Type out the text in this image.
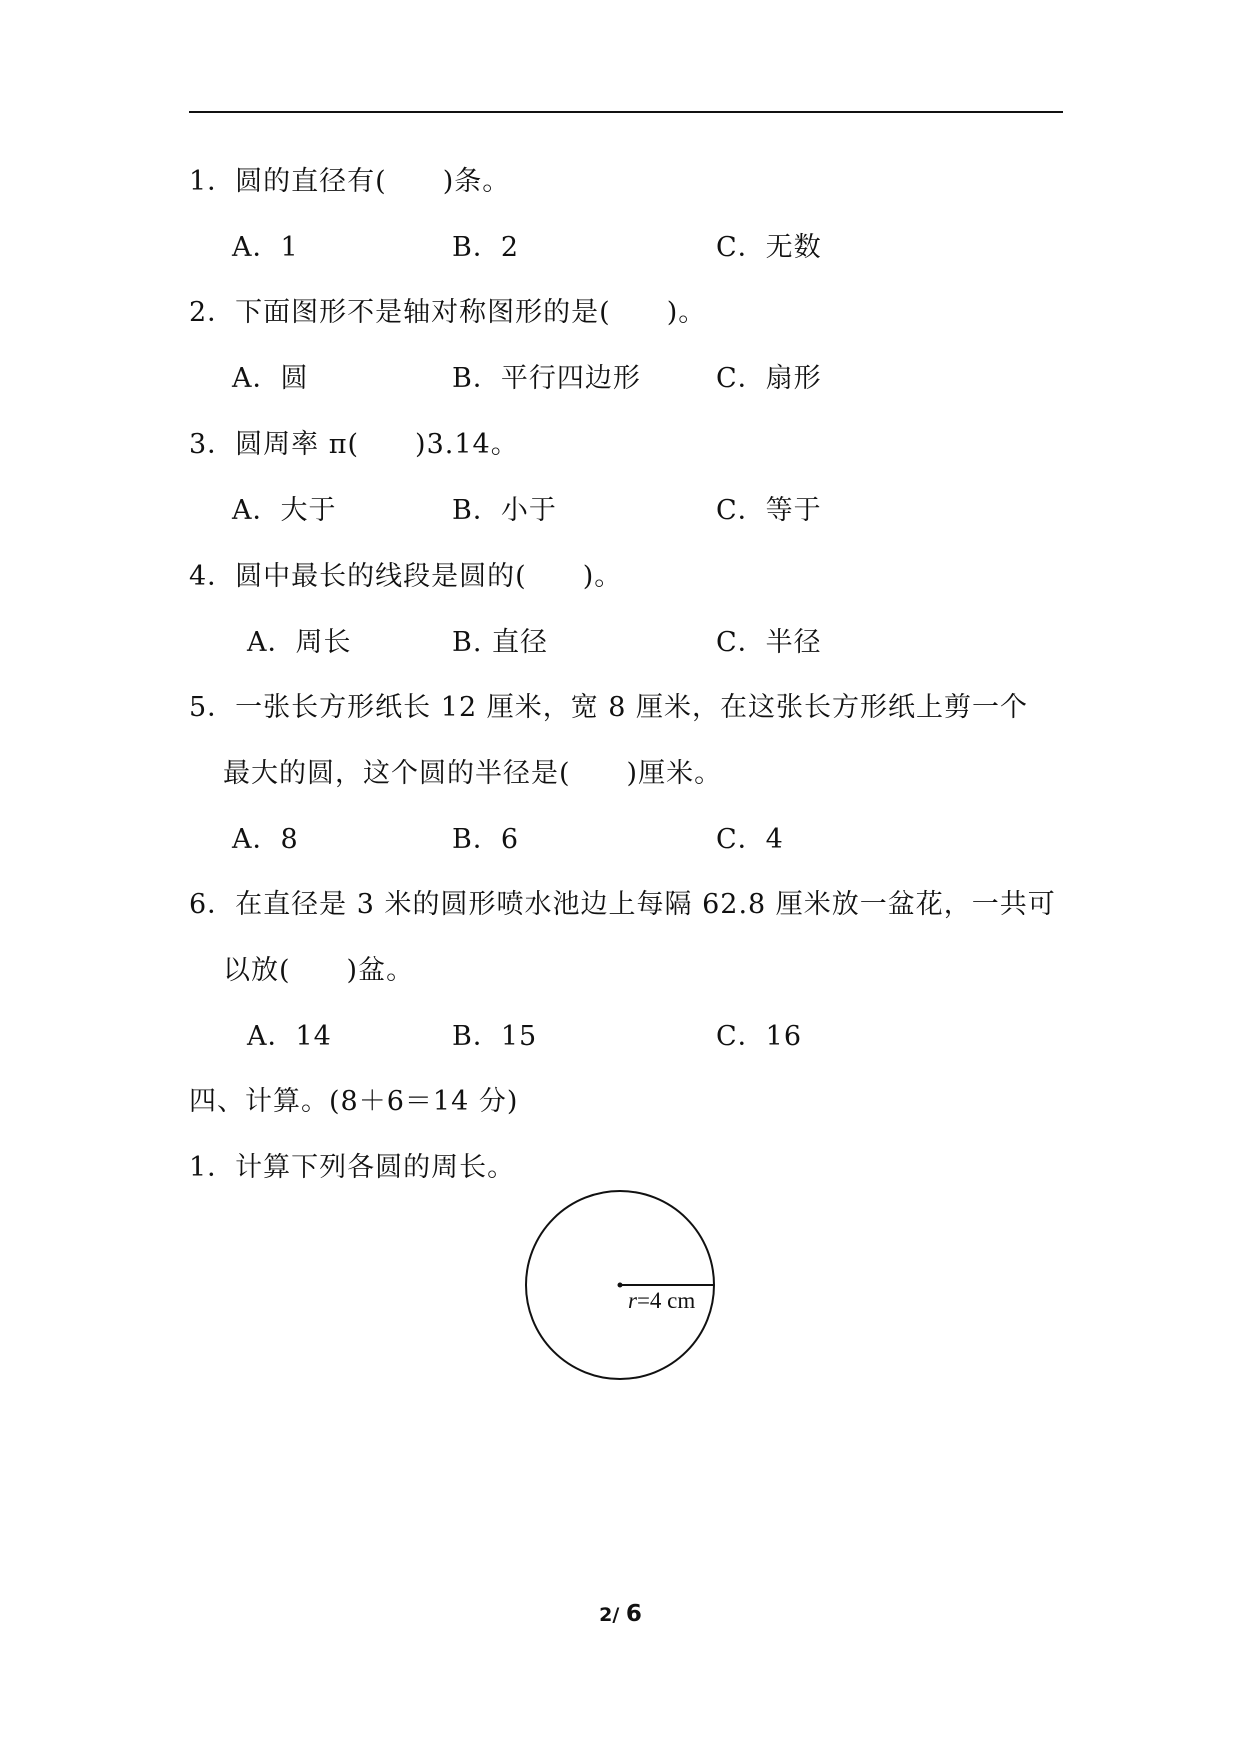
1．圆的直径有(　　)条。
A．1	B．2	C．无数
2．下面图形不是轴对称图形的是(　　)。
A．圆	B．平行四边形	C．扇形
3．圆周率 π(　　)3.14。
A．大于	B．小于	C．等于
4．圆中最长的线段是圆的(　　)。
A．周长	B. 直径	C．半径
5．一张长方形纸长 12 厘米，宽 8 厘米，在这张长方形纸上剪一个
最大的圆，这个圆的半径是(　　)厘米。
A．8	B．6	C．4
6．在直径是 3 米的圆形喷水池边上每隔 62.8 厘米放一盆花，一共可
以放(　　)盆。
A．14	B．15	C．16
四、计算。(8＋6＝14 分)
1．计算下列各圆的周长。
r=4 cm
2/ 6
